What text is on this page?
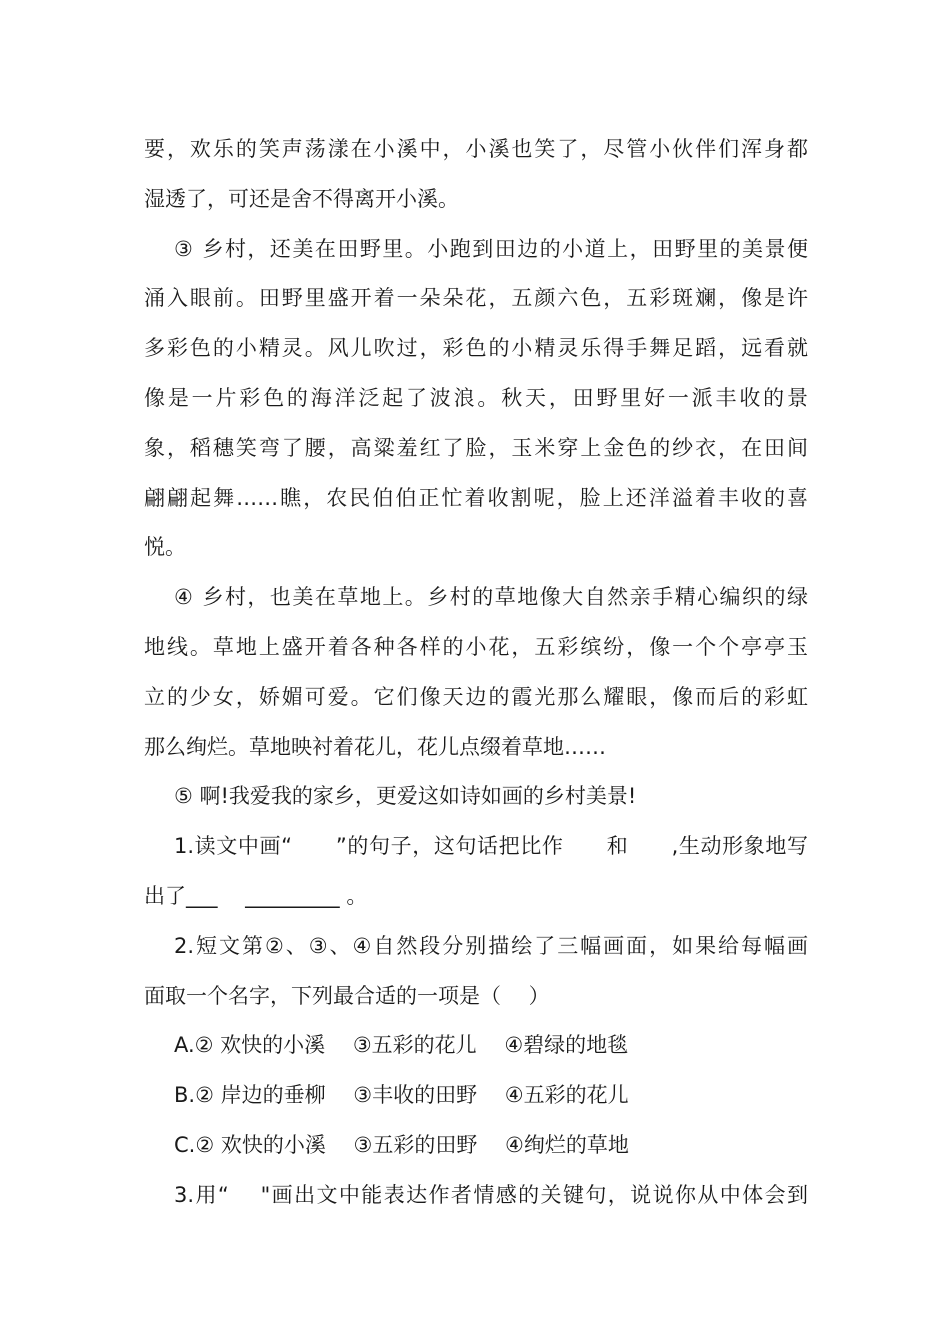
要，欢乐的笑声荡漾在小溪中，小溪也笑了，尽管小伙伴们浑身都
湿透了，可还是舍不得离开小溪。
③ 乡村，还美在田野里。小跑到田边的小道上，田野里的美景便
涌入眼前。田野里盛开着一朵朵花，五颜六色，五彩斑斓，像是许
多彩色的小精灵。风儿吹过，彩色的小精灵乐得手舞足蹈，远看就
像是一片彩色的海洋泛起了波浪。秋天，田野里好一派丰收的景
象，稻穗笑弯了腰，高粱羞红了脸，玉米穿上金色的纱衣，在田间
翩翩起舞……瞧，农民伯伯正忙着收割呢，脸上还洋溢着丰收的喜
悦。
④ 乡村，也美在草地上。乡村的草地像大自然亲手精心编织的绿
地线。草地上盛开着各种各样的小花，五彩缤纷，像一个个亭亭玉
立的少女，娇媚可爱。它们像天边的霞光那么耀眼，像而后的彩虹
那么绚烂。草地映衬着花儿，花儿点缀着草地……
⑤ 啊!我爱我的家乡，更爱这如诗如画的乡村美景!
1.读文中画“　　”的句子，这句话把比作　　和　　,生动形象地写
出了___　 _________ 。
2.短文第②、③、④自然段分别描绘了三幅画面，如果给每幅画
面取一个名字，下列最合适的一项是（　 ）
A.② 欢快的小溪　 ③五彩的花儿　 ④碧绿的地毯
B.② 岸边的垂柳　 ③丰收的田野　 ④五彩的花儿
C.② 欢快的小溪　 ③五彩的田野　 ④绚烂的草地
3.用“　 "画出文中能表达作者情感的关键句，说说你从中体会到
